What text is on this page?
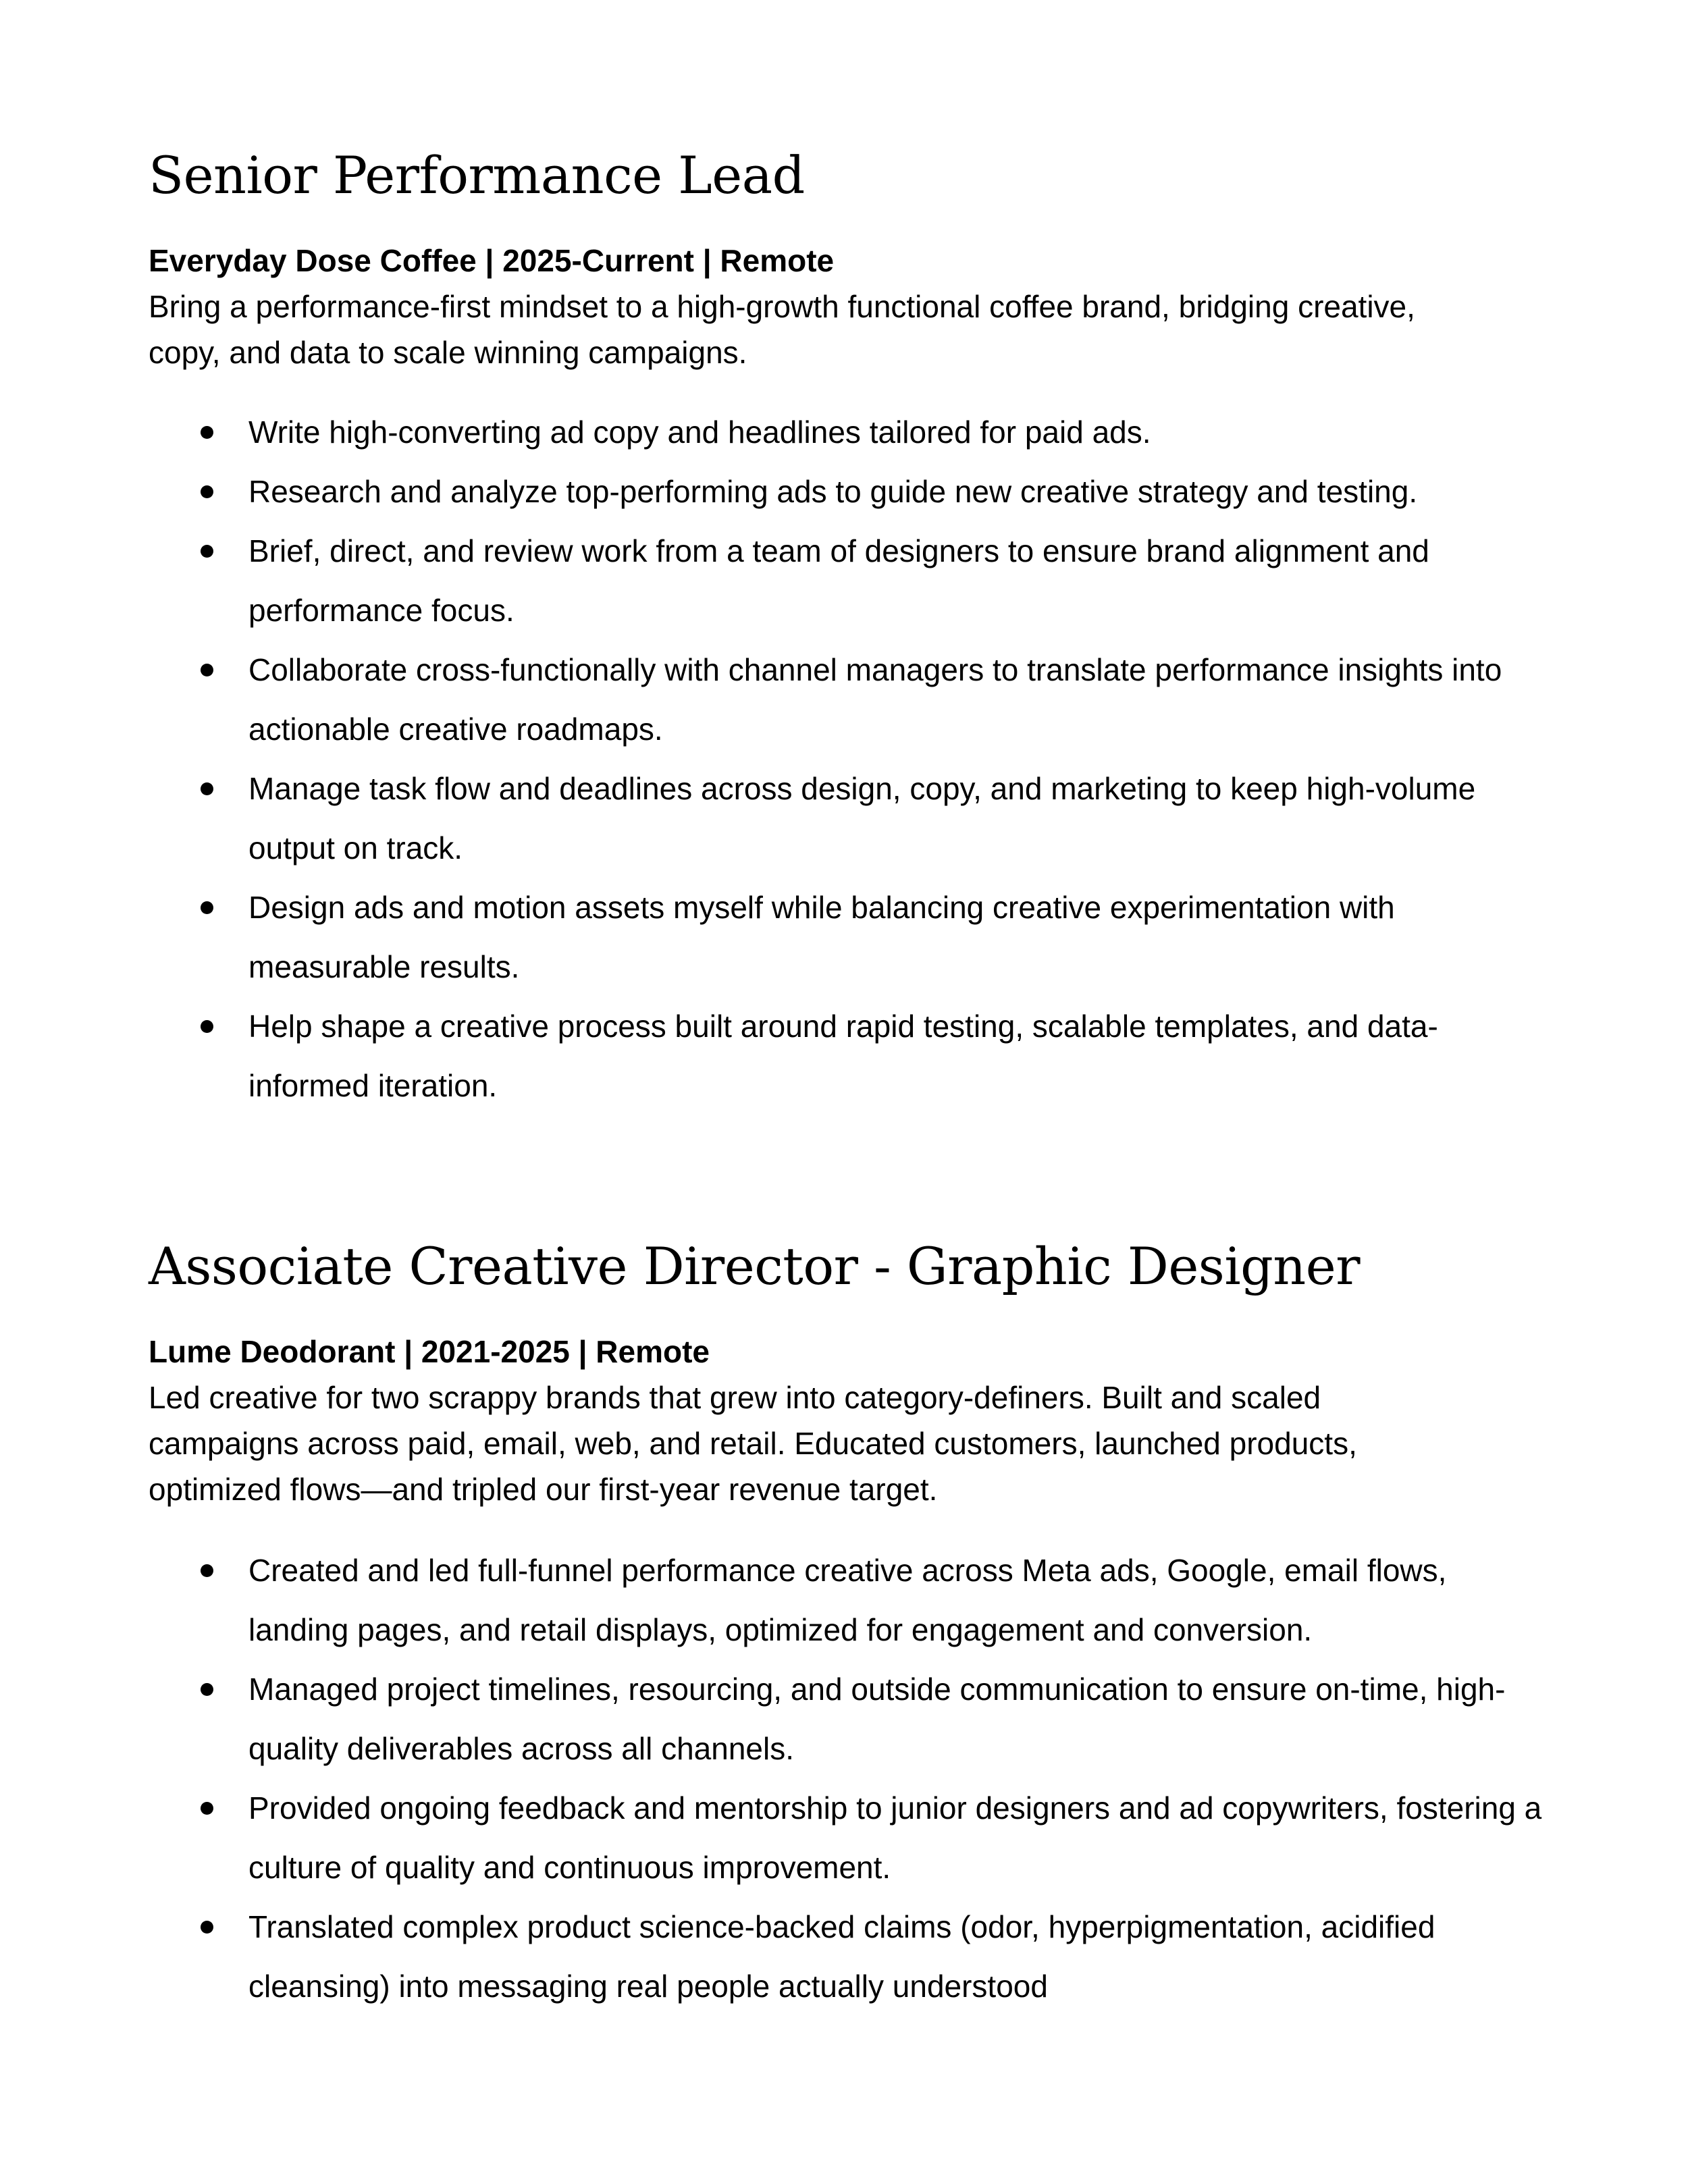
Senior Performance Lead

Everyday Dose Coffee | 2025-Current | Remote

Bring a performance-first mindset to a high-growth functional coffee brand, bridging creative, copy, and data to scale winning campaigns.

Write high-converting ad copy and headlines tailored for paid ads.
Research and analyze top-performing ads to guide new creative strategy and testing.
Brief, direct, and review work from a team of designers to ensure brand alignment and performance focus.
Collaborate cross-functionally with channel managers to translate performance insights into actionable creative roadmaps.
Manage task flow and deadlines across design, copy, and marketing to keep high-volume output on track.
Design ads and motion assets myself while balancing creative experimentation with measurable results.
Help shape a creative process built around rapid testing, scalable templates, and data-informed iteration.
Associate Creative Director - Graphic Designer

Lume Deodorant | 2021-2025 | Remote

Led creative for two scrappy brands that grew into category-definers. Built and scaled campaigns across paid, email, web, and retail. Educated customers, launched products, optimized flows—and tripled our first-year revenue target.

Created and led full-funnel performance creative across Meta ads, Google, email flows, landing pages, and retail displays, optimized for engagement and conversion.
Managed project timelines, resourcing, and outside communication to ensure on-time, high-quality deliverables across all channels.
Provided ongoing feedback and mentorship to junior designers and ad copywriters, fostering a culture of quality and continuous improvement.
Translated complex product science-backed claims (odor, hyperpigmentation, acidified cleansing) into messaging real people actually understood
